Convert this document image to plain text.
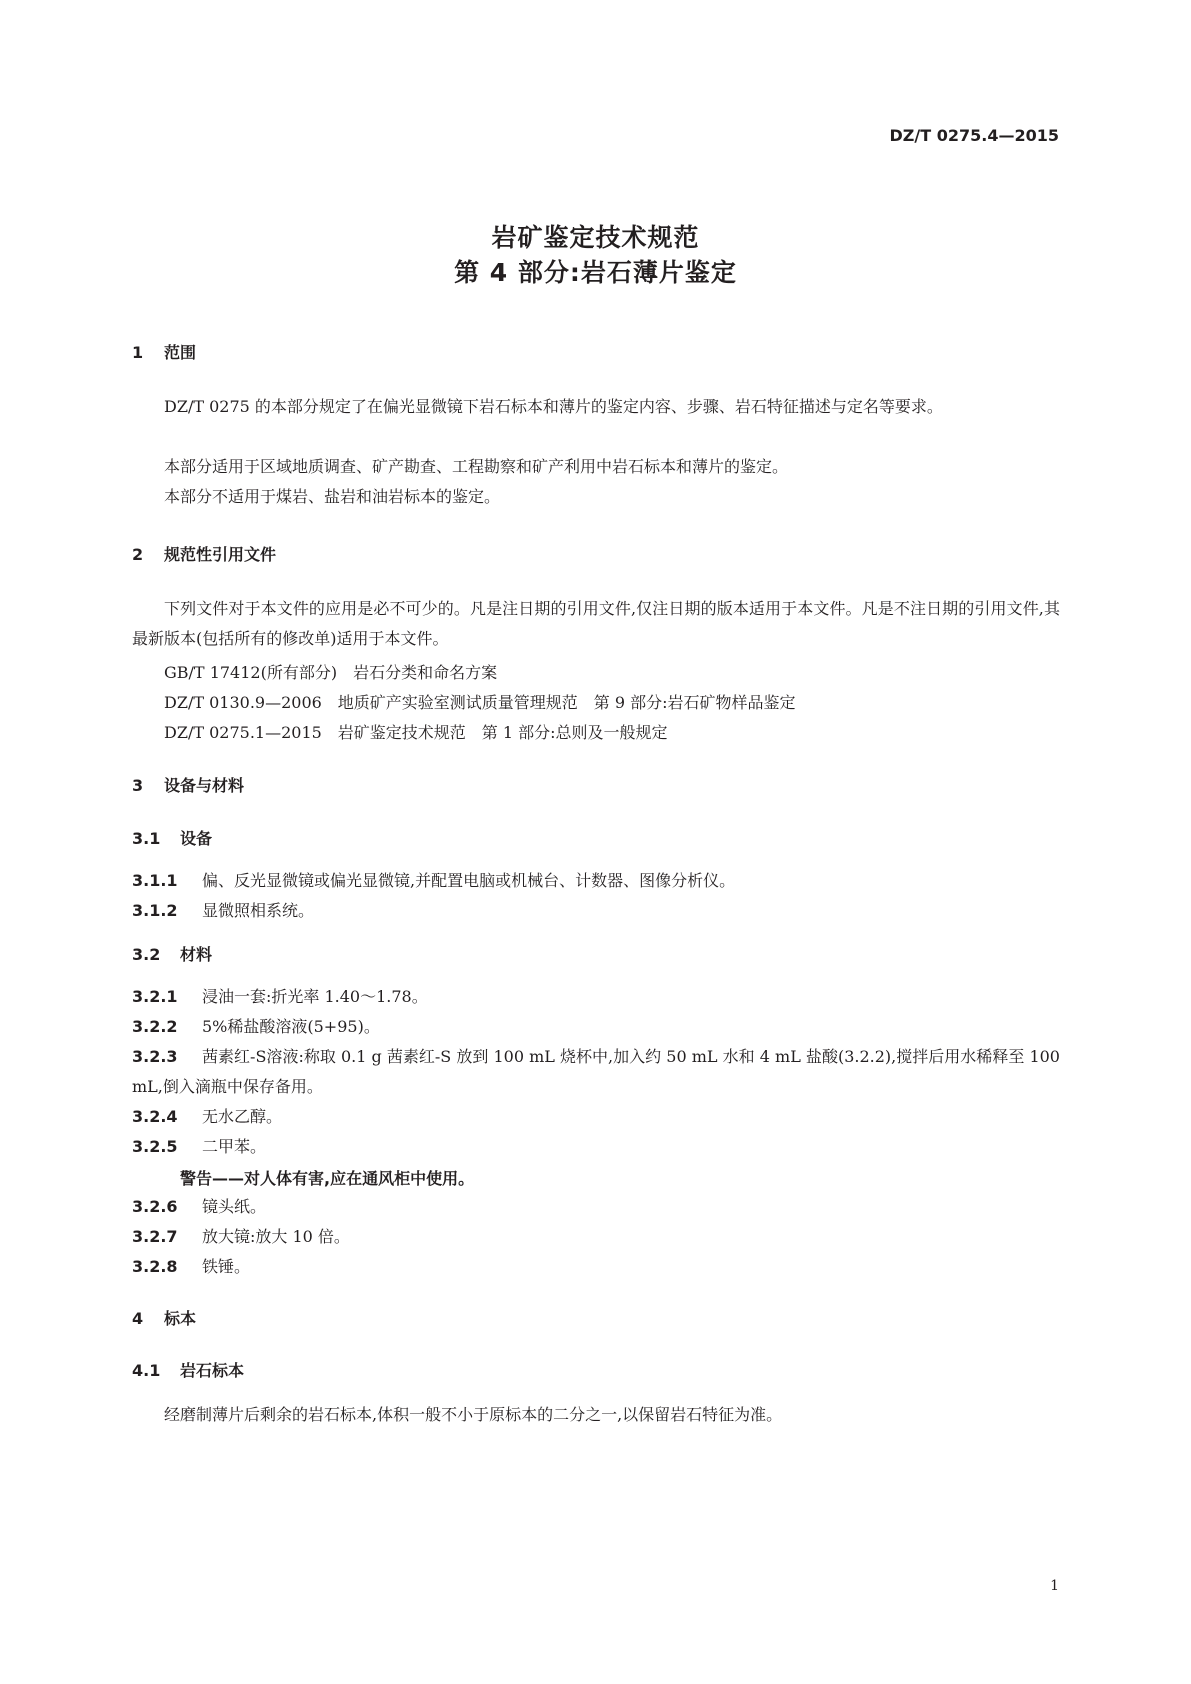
DZ/T 0275.4—2015
岩矿鉴定技术规范
第 4 部分:岩石薄片鉴定
1 范围
DZ/T 0275 的本部分规定了在偏光显微镜下岩石标本和薄片的鉴定内容、步骤、岩石特征描述与定名等要求。
本部分适用于区域地质调查、矿产勘查、工程勘察和矿产利用中岩石标本和薄片的鉴定。
本部分不适用于煤岩、盐岩和油岩标本的鉴定。
2 规范性引用文件
下列文件对于本文件的应用是必不可少的。凡是注日期的引用文件,仅注日期的版本适用于本文件。凡是不注日期的引用文件,其最新版本(包括所有的修改单)适用于本文件。
GB/T 17412(所有部分)　岩石分类和命名方案
DZ/T 0130.9—2006　地质矿产实验室测试质量管理规范　第 9 部分:岩石矿物样品鉴定
DZ/T 0275.1—2015　岩矿鉴定技术规范　第 1 部分:总则及一般规定
3 设备与材料
3.1 设备
3.1.1 偏、反光显微镜或偏光显微镜,并配置电脑或机械台、计数器、图像分析仪。
3.1.2 显微照相系统。
3.2 材料
3.2.1 浸油一套:折光率 1.40～1.78。
3.2.2 5%稀盐酸溶液(5+95)。
3.2.3 茜素红-S溶液:称取 0.1 g 茜素红-S 放到 100 mL 烧杯中,加入约 50 mL 水和 4 mL 盐酸(3.2.2),搅拌后用水稀释至 100 mL,倒入滴瓶中保存备用。
3.2.4 无水乙醇。
3.2.5 二甲苯。
警告——对人体有害,应在通风柜中使用。
3.2.6 镜头纸。
3.2.7 放大镜:放大 10 倍。
3.2.8 铁锤。
4 标本
4.1 岩石标本
经磨制薄片后剩余的岩石标本,体积一般不小于原标本的二分之一,以保留岩石特征为准。
1
